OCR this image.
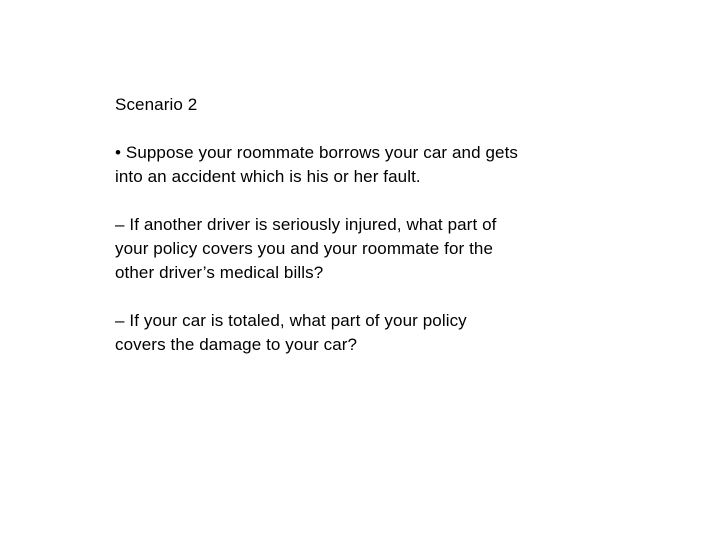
Scenario 2
• Suppose your roommate borrows your car and gets
into an accident which is his or her fault.
– If another driver is seriously injured, what part of
your policy covers you and your roommate for the
other driver’s medical bills?
– If your car is totaled, what part of your policy
covers the damage to your car?
